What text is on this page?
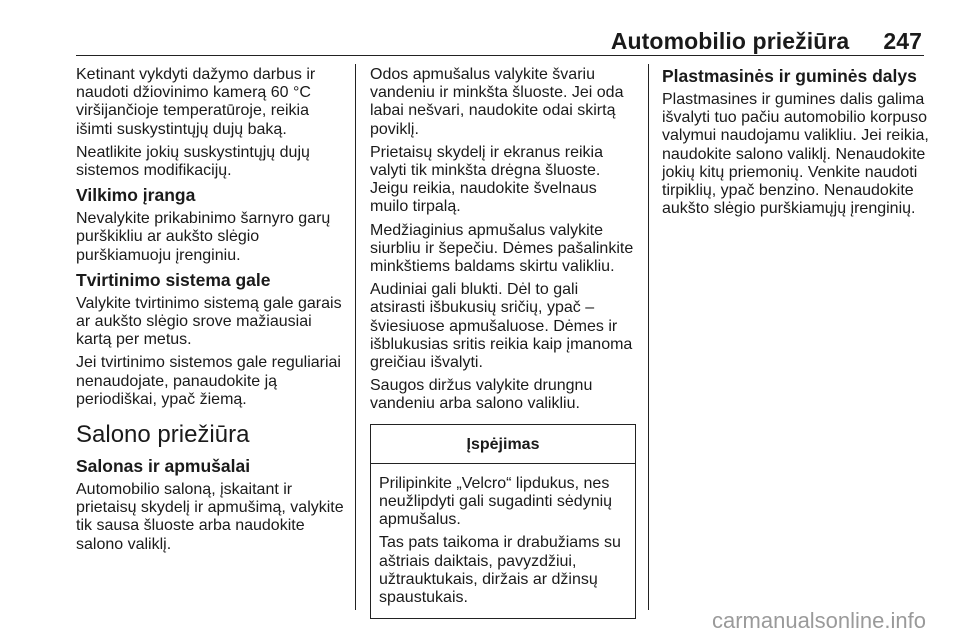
Automobilio priežiūra 247

Ketinant vykdyti dažymo darbus ir naudoti džiovinimo kamerą 60 °C viršijančioje temperatūroje, reikia išimti suskystintųjų dujų baką.

Neatlikite jokių suskystintųjų dujų sistemos modifikacijų.

Vilkimo įranga

Nevalykite prikabinimo šarnyro garų purškikliu ar aukšto slėgio purškiamuoju įrenginiu.

Tvirtinimo sistema gale

Valykite tvirtinimo sistemą gale garais ar aukšto slėgio srove mažiausiai kartą per metus.

Jei tvirtinimo sistemos gale reguliariai nenaudojate, panaudokite ją periodiškai, ypač žiemą.

Salono priežiūra
Salonas ir apmušalai

Automobilio saloną, įskaitant ir prietaisų skydelį ir apmušimą, valykite tik sausa šluoste arba naudokite salono valiklį.

Odos apmušalus valykite švariu vandeniu ir minkšta šluoste. Jei oda labai nešvari, naudokite odai skirtą poviklį.

Prietaisų skydelį ir ekranus reikia valyti tik minkšta drėgna šluoste. Jeigu reikia, naudokite švelnaus muilo tirpalą.

Medžiaginius apmušalus valykite siurbliu ir šepečiu. Dėmes pašalinkite minkštiems baldams skirtu valikliu.

Audiniai gali blukti. Dėl to gali atsirasti išbukusių sričių, ypač – šviesiuose apmušaluose. Dėmes ir išblukusias sritis reikia kaip įmanoma greičiau išvalyti.

Saugos diržus valykite drungnu vandeniu arba salono valikliu.

Įspėjimas

Prilipinkite „Velcro“ lipdukus, nes neužlipdyti gali sugadinti sėdynių apmušalus.

Tas pats taikoma ir drabužiams su aštriais daiktais, pavyzdžiui, užtrauktukais, diržais ar džinsų spaustukais.

Plastmasinės ir guminės dalys

Plastmasines ir gumines dalis galima išvalyti tuo pačiu automobilio korpuso valymui naudojamu valikliu. Jei reikia, naudokite salono valiklį. Nenaudokite jokių kitų priemonių. Venkite naudoti tirpiklių, ypač benzino. Nenaudokite aukšto slėgio purškiamųjų įrenginių.

carmanualsonline.info
